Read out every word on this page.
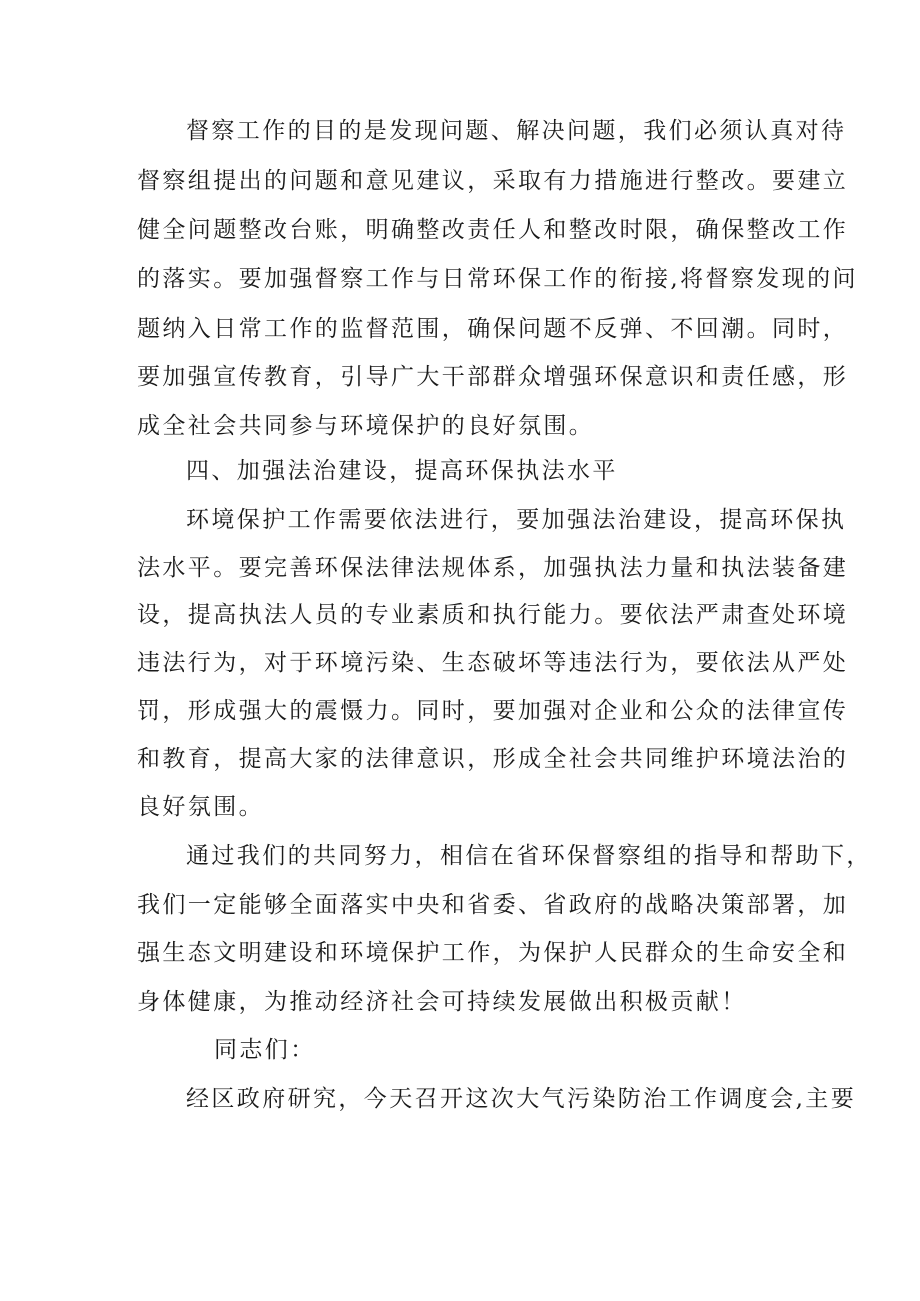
督察工作的目的是发现问题、解决问题，我们必须认真对待
督察组提出的问题和意见建议，采取有力措施进行整改。要建立
健全问题整改台账，明确整改责任人和整改时限，确保整改工作
的落实。要加强督察工作与日常环保工作的衔接,将督察发现的问
题纳入日常工作的监督范围，确保问题不反弹、不回潮。同时，
要加强宣传教育，引导广大干部群众增强环保意识和责任感，形
成全社会共同参与环境保护的良好氛围。
四、加强法治建设，提高环保执法水平
环境保护工作需要依法进行，要加强法治建设，提高环保执
法水平。要完善环保法律法规体系，加强执法力量和执法装备建
设，提高执法人员的专业素质和执行能力。要依法严肃查处环境
违法行为，对于环境污染、生态破坏等违法行为，要依法从严处
罚，形成强大的震慑力。同时，要加强对企业和公众的法律宣传
和教育，提高大家的法律意识，形成全社会共同维护环境法治的
良好氛围。
通过我们的共同努力，相信在省环保督察组的指导和帮助下，
我们一定能够全面落实中央和省委、省政府的战略决策部署，加
强生态文明建设和环境保护工作，为保护人民群众的生命安全和
身体健康，为推动经济社会可持续发展做出积极贡献！
同志们：
经区政府研究，今天召开这次大气污染防治工作调度会,主要
